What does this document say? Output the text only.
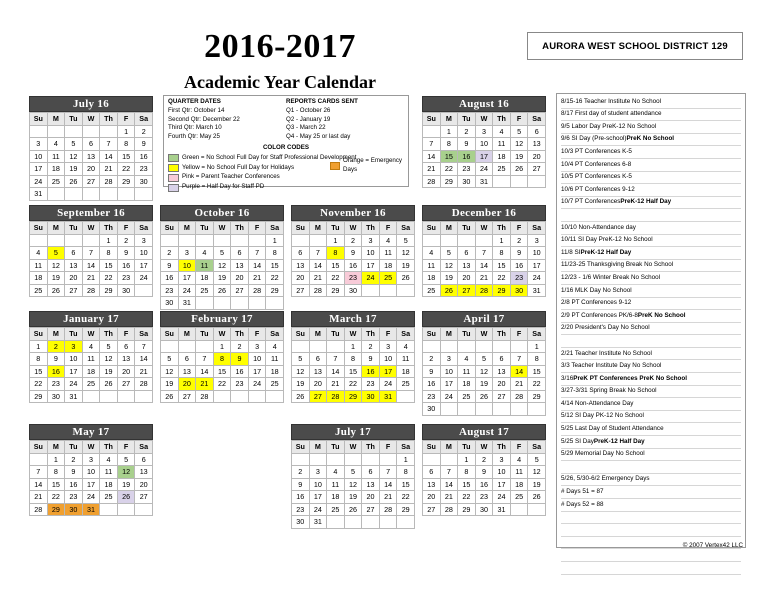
2016-2017
Academic Year Calendar
AURORA WEST SCHOOL DISTRICT 129
QUARTER DATES
First Qtr: October 14
Second Qtr: December 22
Third Qtr: March 10
Fourth Qtr: May 25
REPORTS CARDS SENT
Q1 - October 26
Q2 - January 19
Q3 - March 22
Q4 - May 25 or last day
COLOR CODES
Green = No School Full Day for Staff Professional Development
Yellow = No School Full Day for Holidays
Pink = Parent Teacher Conferences
Purple = Half Day for Staff PD
Orange = Emergency Days
July 16
Su	M	Tu	W	Th	F	Sa
					1	2
3	4	5	6	7	8	9
10	11	12	13	14	15	16
17	18	19	20	21	22	23
24	25	26	27	28	29	30
31						
August 16
Su	M	Tu	W	Th	F	Sa
	1	2	3	4	5	6
7	8	9	10	11	12	13
14	15	16	17	18	19	20
21	22	23	24	25	26	27
28	29	30	31			
September 16
Su	M	Tu	W	Th	F	Sa
				1	2	3
4	5	6	7	8	9	10
11	12	13	14	15	16	17
18	19	20	21	22	23	24
25	26	27	28	29	30	
October 16
Su	M	Tu	W	Th	F	Sa
						1
2	3	4	5	6	7	8
9	10	11	12	13	14	15
16	17	18	19	20	21	22
23	24	25	26	27	28	29
30	31					
November 16
Su	M	Tu	W	Th	F	Sa
		1	2	3	4	5
6	7	8	9	10	11	12
13	14	15	16	17	18	19
20	21	22	23	24	25	26
27	28	29	30			
December 16
Su	M	Tu	W	Th	F	Sa
				1	2	3
4	5	6	7	8	9	10
11	12	13	14	15	16	17
18	19	20	21	22	23	24
25	26	27	28	29	30	31
January 17
Su	M	Tu	W	Th	F	Sa
1	2	3	4	5	6	7
8	9	10	11	12	13	14
15	16	17	18	19	20	21
22	23	24	25	26	27	28
29	30	31				
February 17
Su	M	Tu	W	Th	F	Sa
			1	2	3	4
5	6	7	8	9	10	11
12	13	14	15	16	17	18
19	20	21	22	23	24	25
26	27	28				
March 17
Su	M	Tu	W	Th	F	Sa
			1	2	3	4
5	6	7	8	9	10	11
12	13	14	15	16	17	18
19	20	21	22	23	24	25
26	27	28	29	30	31	
April 17
Su	M	Tu	W	Th	F	Sa
						1
2	3	4	5	6	7	8
9	10	11	12	13	14	15
16	17	18	19	20	21	22
23	24	25	26	27	28	29
30						
May 17
Su	M	Tu	W	Th	F	Sa
	1	2	3	4	5	6
7	8	9	10	11	12	13
14	15	16	17	18	19	20
21	22	23	24	25	26	27
28	29	30	31			
August 17
Su	M	Tu	W	Th	F	Sa
		1	2	3	4	5
6	7	8	9	10	11	12
13	14	15	16	17	18	19
20	21	22	23	24	25	26
27	28	29	30	31		
July 17
Su	M	Tu	W	Th	F	Sa
						1
2	3	4	5	6	7	8
9	10	11	12	13	14	15
16	17	18	19	20	21	22
23	24	25	26	27	28	29
30	31					
8/15-16 Teacher Institute No School
8/17 First day of student attendance
9/5 Labor Day PreK-12 No School
9/6 SI Day (Pre-school) PreK No School
10/3 PT Conferences K-5
10/4 PT Conferences 6-8
10/5 PT Conferences K-5
10/6 PT Conferences 9-12
10/7 PT Conferences PreK-12 Half Day
10/10 Non-Attendance day
10/11 SI Day PreK-12 No School
11/8 SI PreK-12 Half Day
11/23-25 Thanksgiving Break No School
12/23 - 1/6 Winter Break No School
1/16 MLK Day No School
2/8 PT Conferences 9-12
2/9 PT Conferences PK/6-8 PreK No School
2/20 President's Day No School
2/21 Teacher Institute No School
3/3 Teacher Institute Day No School
3/16 PreK PT Conferences PreK No School
3/27-3/31 Spring Break No School
4/14 Non-Attendance Day
5/12 SI Day PK-12 No School
5/25 Last Day of Student Attendance
5/25 SI Day PreK-12 Half Day
5/29 Memorial Day No School
5/26, 5/30-6/2 Emergency Days
# Days 51 = 87
# Days 52 = 88
© 2007 Vertex42 LLC
